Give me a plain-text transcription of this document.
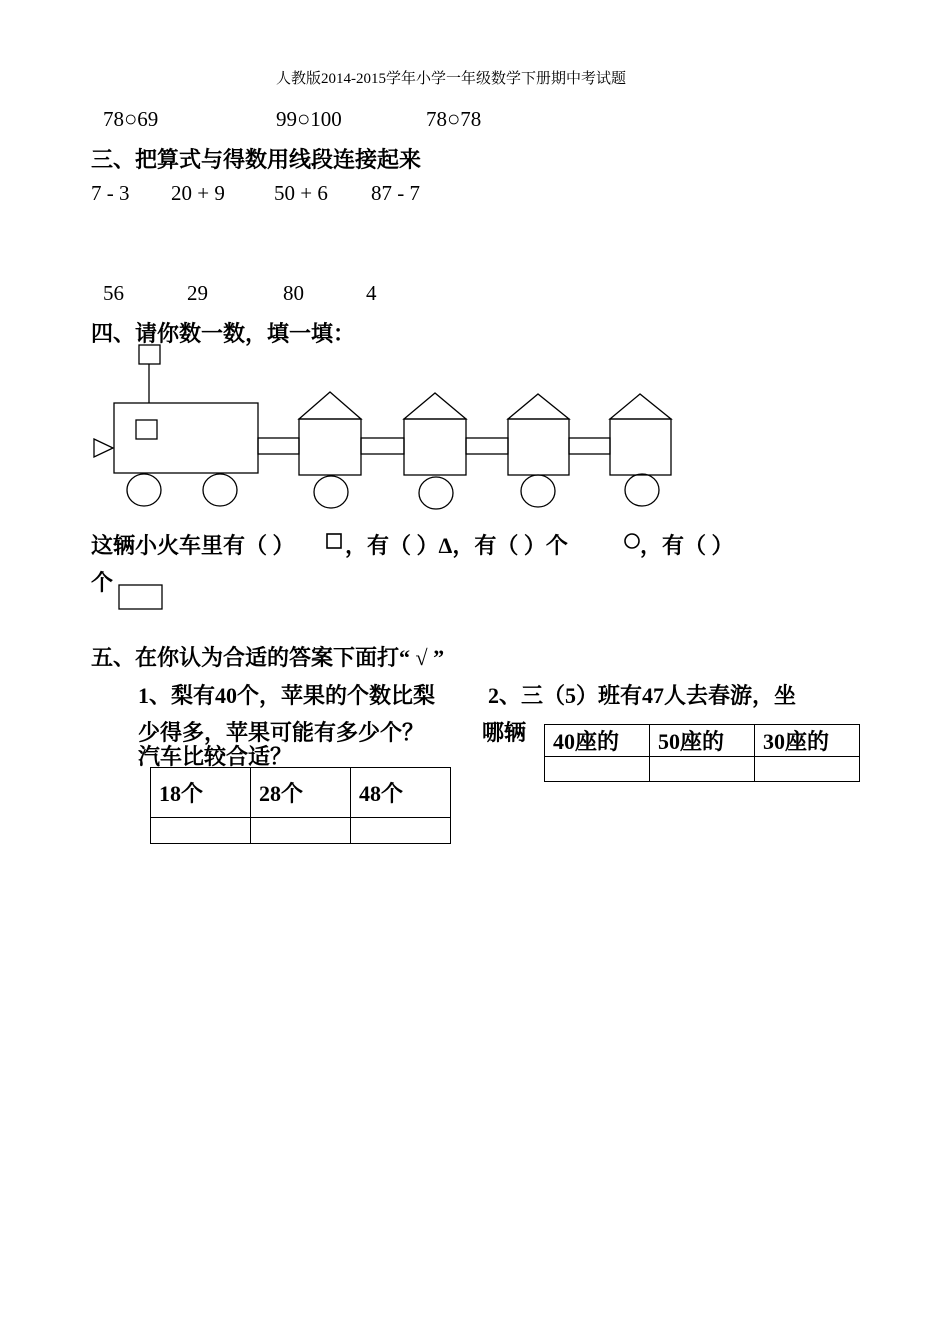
人教版2014-2015学年小学一年级数学下册期中考试题
78○69	99○100	78○78
三、把算式与得数用线段连接起来
7 - 3 20 + 9 50 + 6 87 - 7
56	29	80	4
四、请你数一数，填一填：
这辆小火车里有（ ） ，有（ ）Δ，有（ ）个	，有（ ）
个
五、在你认为合适的答案下面打“ √ ”
1、梨有40个，苹果的个数比梨 2、三（5）班有47人去春游，坐
少得多，苹果可能有多少个？	哪辆
汽车比较合适？
18个	28个	48个

40座的	50座的	30座的
